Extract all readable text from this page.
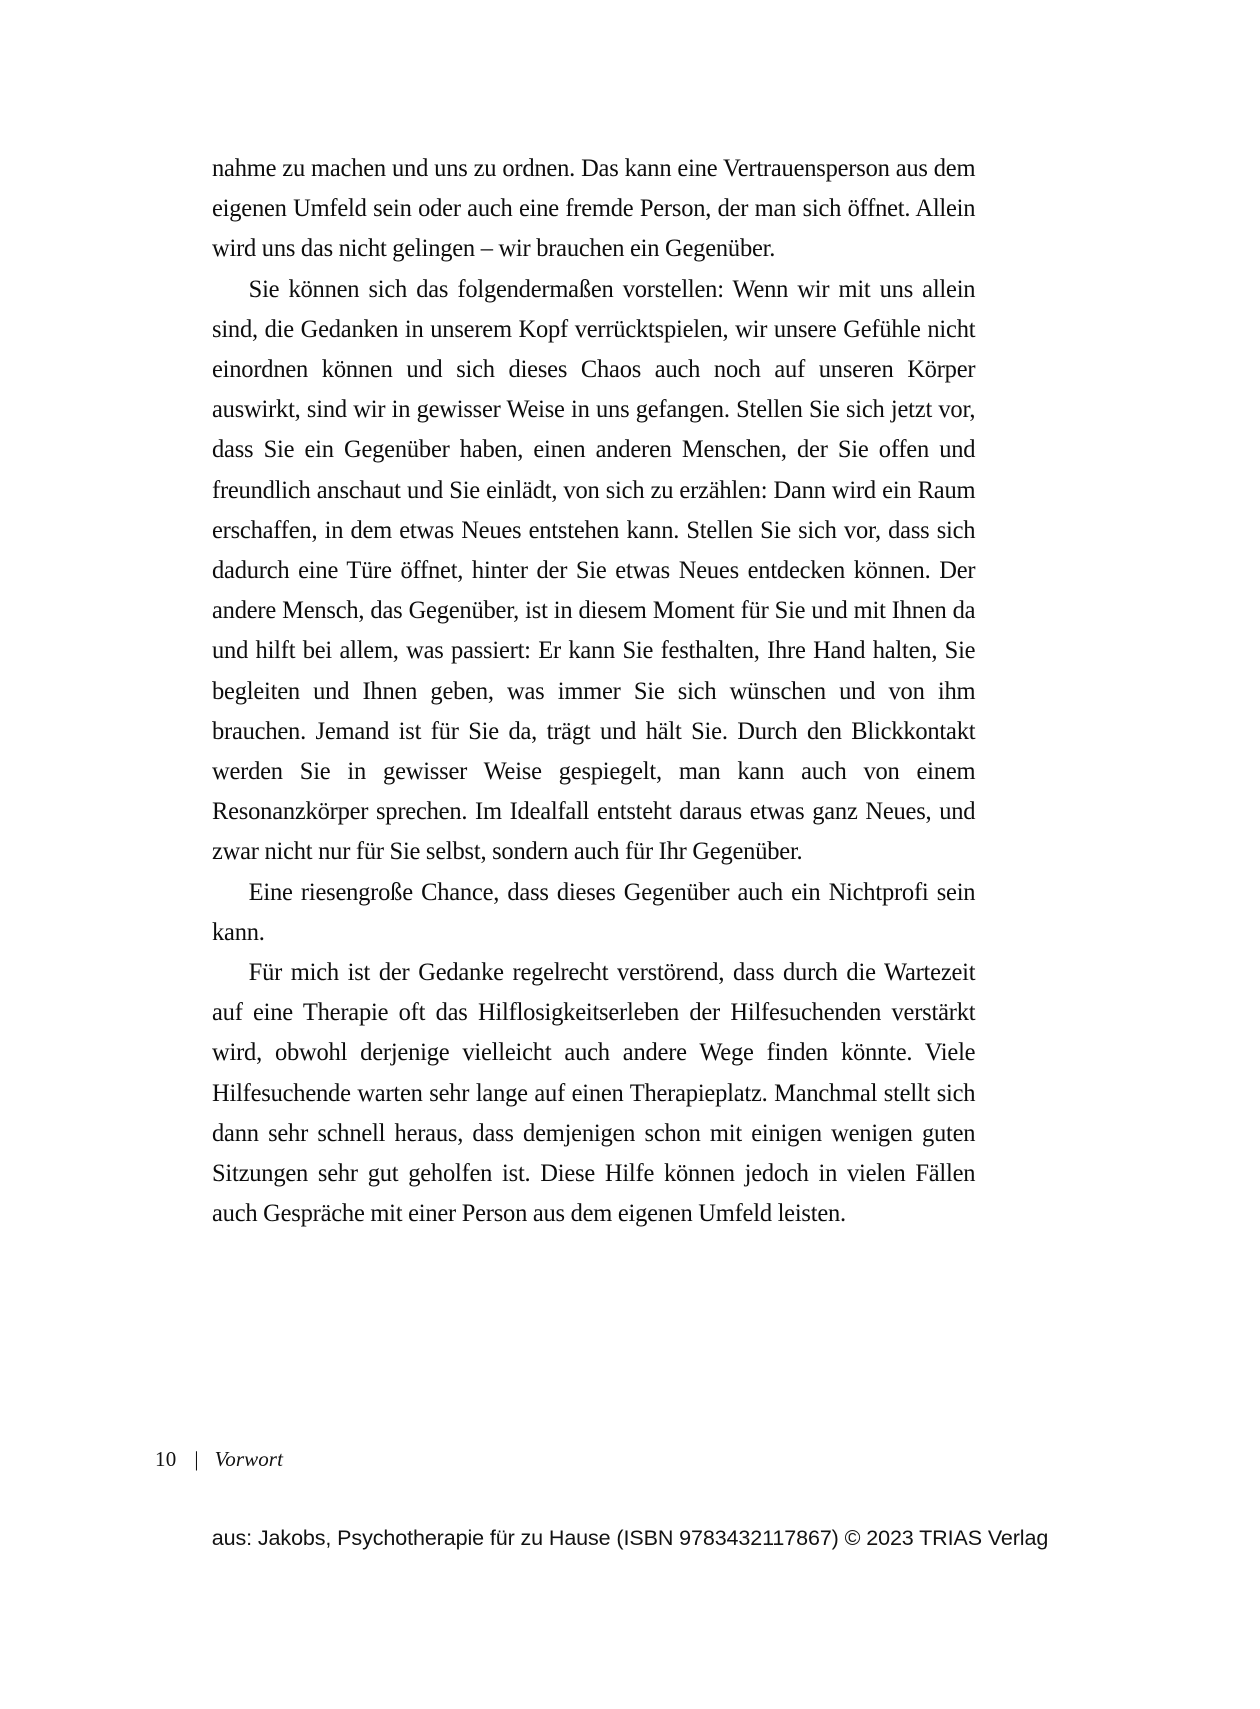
nahme zu machen und uns zu ordnen. Das kann eine Vertrauensperson aus dem eigenen Umfeld sein oder auch eine fremde Person, der man sich öffnet. Allein wird uns das nicht gelingen – wir brauchen ein Gegenüber.

Sie können sich das folgendermaßen vorstellen: Wenn wir mit uns allein sind, die Gedanken in unserem Kopf verrücktspielen, wir unsere Gefühle nicht einordnen können und sich dieses Chaos auch noch auf unseren Körper auswirkt, sind wir in gewisser Weise in uns gefangen. Stellen Sie sich jetzt vor, dass Sie ein Gegenüber haben, einen anderen Menschen, der Sie offen und freundlich anschaut und Sie einlädt, von sich zu erzählen: Dann wird ein Raum erschaffen, in dem etwas Neues entstehen kann. Stellen Sie sich vor, dass sich dadurch eine Türe öffnet, hinter der Sie etwas Neues entdecken können. Der andere Mensch, das Gegenüber, ist in diesem Moment für Sie und mit Ihnen da und hilft bei allem, was passiert: Er kann Sie festhalten, Ihre Hand halten, Sie begleiten und Ihnen geben, was immer Sie sich wünschen und von ihm brauchen. Jemand ist für Sie da, trägt und hält Sie. Durch den Blickkontakt werden Sie in gewisser Weise gespiegelt, man kann auch von einem Resonanzkörper sprechen. Im Idealfall entsteht daraus etwas ganz Neues, und zwar nicht nur für Sie selbst, sondern auch für Ihr Gegenüber.

Eine riesengroße Chance, dass dieses Gegenüber auch ein Nichtprofi sein kann.

Für mich ist der Gedanke regelrecht verstörend, dass durch die Wartezeit auf eine Therapie oft das Hilflosigkeitserleben der Hilfesuchenden verstärkt wird, obwohl derjenige vielleicht auch andere Wege finden könnte. Viele Hilfesuchende warten sehr lange auf einen Therapieplatz. Manchmal stellt sich dann sehr schnell heraus, dass demjenigen schon mit einigen wenigen guten Sitzungen sehr gut geholfen ist. Diese Hilfe können jedoch in vielen Fällen auch Gespräche mit einer Person aus dem eigenen Umfeld leisten.

10 | Vorwort
aus: Jakobs, Psychotherapie für zu Hause (ISBN 9783432117867) © 2023 TRIAS Verlag
